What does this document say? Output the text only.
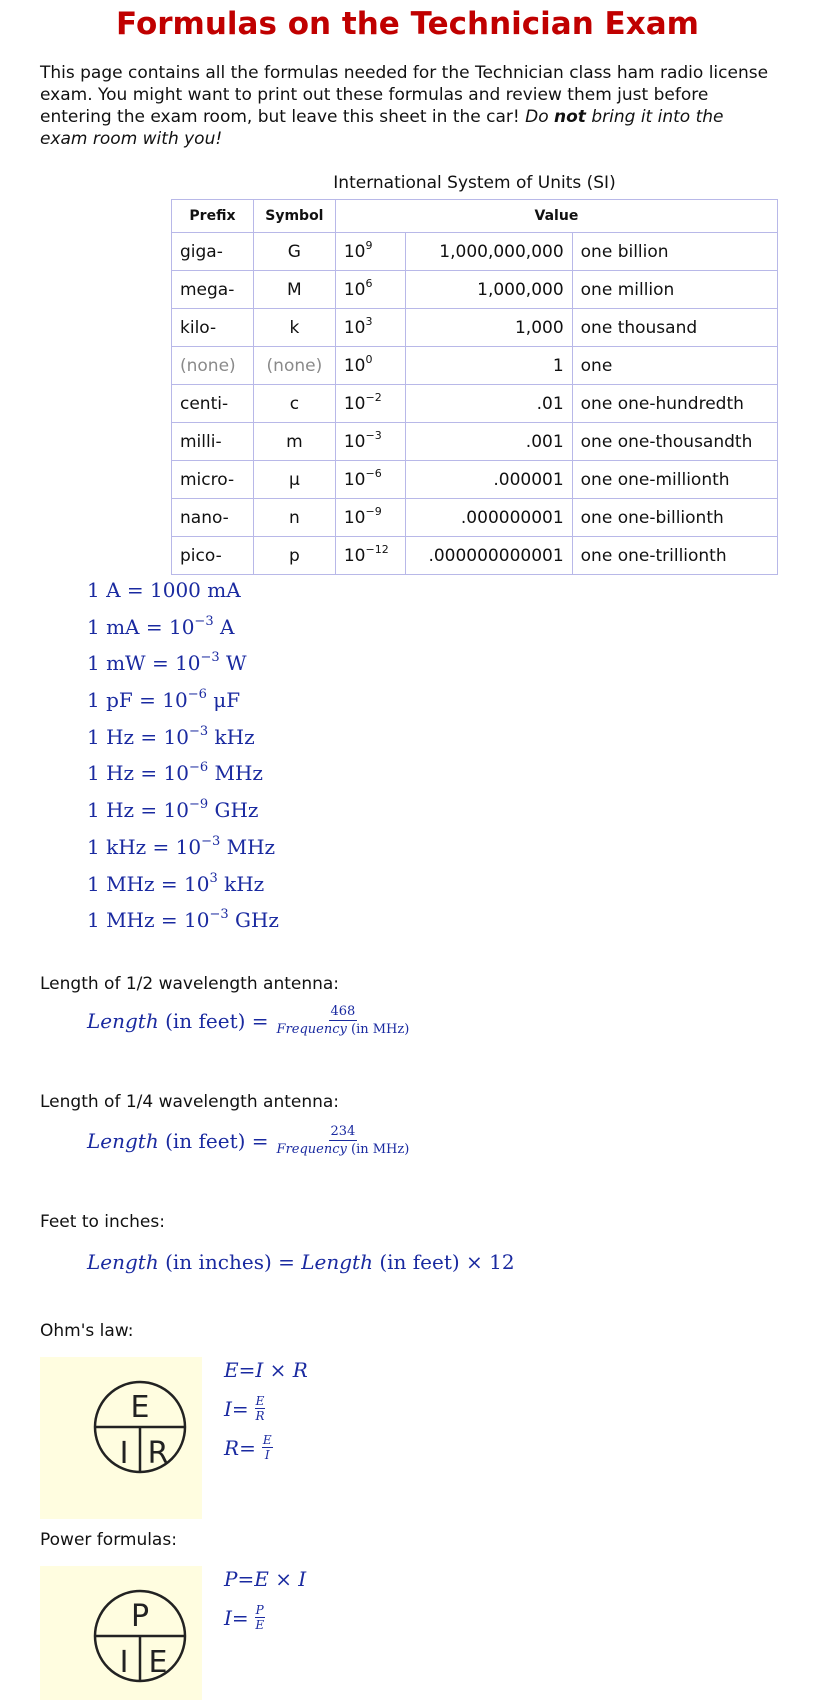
Formulas on the Technician Exam

This page contains all the formulas needed for the Technician class ham radio license exam. You might want to print out these formulas and review them just before entering the exam room, but leave this sheet in the car! Do not bring it into the exam room with you!

International System of Units (SI)
Prefix	Symbol	Value		
giga-	G	$10^9$	1,000,000,000	one billion
mega-	M	$10^6$	1,000,000	one million
kilo-	k	$10^3$	1,000	one thousand
(none)	(none)	$10^0$	1	one
centi-	c	$10^{-2}$	.01	one one-hundredth
milli-	m	$10^{-3}$	.001	one one-thousandth
micro-	μ	$10^{-6}$	.000001	one one-millionth
nano-	n	$10^{-9}$	.000000001	one one-billionth
pico-	p	$10^{-12}$	.000000000001	one one-trillionth
1 A = 1000 mA
1 mA = $10^{-3}$ A
1 mW = $10^{-3}$ W
1 pF = $10^{-6}$ μF
1 $Hz = 10^{-3}$ kHz
1 $Hz = 10^{-6}$ MHz
1 $Hz = 10^{-9}$ GHz
1 kHz = $10^{-3}$ MHz
1 MHz = $10^3$ kHz
1 MHz = $10^{-3}$ GHz
Length of 1/2 wavelength antenna:
Length (in feet) = $\frac{468}{\text{Frequency (in MHz)}}$
Length of 1/4 wavelength antenna:
Length (in feet) = $\frac{234}{\text{Frequency (in MHz)}}$
Feet to inches:
Length (in inches) = Length (in feet) × 12
Ohm's law:
E
I R
E = I × R
$I = \frac{E}{R}$
$R = \frac{E}{I}$
Power formulas:
P
I E
P = E × I
$I = \frac{P}{E}$
